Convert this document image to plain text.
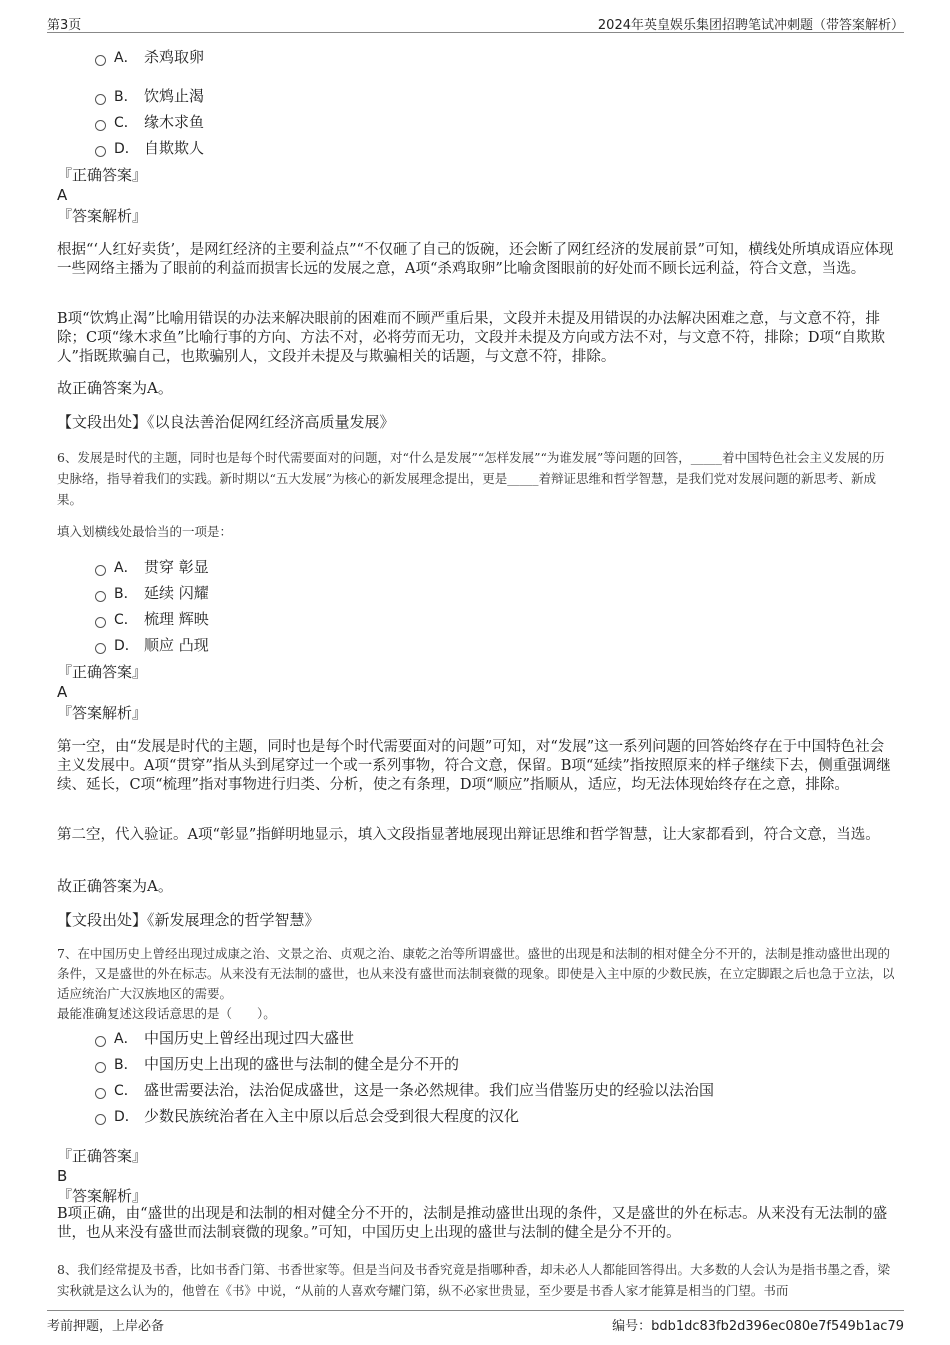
第3页	2024年英皇娱乐集团招聘笔试冲刺题（带答案解析）
A． 杀鸡取卵
B． 饮鸩止渴
C． 缘木求鱼
D． 自欺欺人
『正确答案』
A
『答案解析』
根据“‘人红好卖货’，是网红经济的主要利益点”“不仅砸了自己的饭碗，还会断了网红经济的发展前景”可知，横线处所填成语应体现一些网络主播为了眼前的利益而损害长远的发展之意，A项“杀鸡取卵”比喻贪图眼前的好处而不顾长远利益，符合文意，当选。
B项“饮鸩止渴”比喻用错误的办法来解决眼前的困难而不顾严重后果，文段并未提及用错误的办法解决困难之意，与文意不符，排除；C项“缘木求鱼”比喻行事的方向、方法不对，必将劳而无功，文段并未提及方向或方法不对，与文意不符，排除；D项“自欺欺人”指既欺骗自己，也欺骗别人，文段并未提及与欺骗相关的话题，与文意不符，排除。
故正确答案为A。
【文段出处】《以良法善治促网红经济高质量发展》
6、发展是时代的主题，同时也是每个时代需要面对的问题，对“什么是发展”“怎样发展”“为谁发展”等问题的回答，_____着中国特色社会主义发展的历史脉络，指导着我们的实践。新时期以“五大发展”为核心的新发展理念提出，更是_____着辩证思维和哲学智慧，是我们党对发展问题的新思考、新成果。
填入划横线处最恰当的一项是：
A． 贯穿 彰显
B． 延续 闪耀
C． 梳理 辉映
D． 顺应 凸现
『正确答案』
A
『答案解析』
第一空，由“发展是时代的主题，同时也是每个时代需要面对的问题”可知，对“发展”这一系列问题的回答始终存在于中国特色社会主义发展中。A项“贯穿”指从头到尾穿过一个或一系列事物，符合文意，保留。B项“延续”指按照原来的样子继续下去，侧重强调继续、延长，C项“梳理”指对事物进行归类、分析，使之有条理，D项“顺应”指顺从，适应，均无法体现始终存在之意，排除。
第二空，代入验证。A项“彰显”指鲜明地显示，填入文段指显著地展现出辩证思维和哲学智慧，让大家都看到，符合文意，当选。
故正确答案为A。
【文段出处】《新发展理念的哲学智慧》
7、在中国历史上曾经出现过成康之治、文景之治、贞观之治、康乾之治等所谓盛世。盛世的出现是和法制的相对健全分不开的，法制是推动盛世出现的条件，又是盛世的外在标志。从来没有无法制的盛世，也从来没有盛世而法制衰微的现象。即使是入主中原的少数民族，在立定脚跟之后也急于立法，以适应统治广大汉族地区的需要。
最能准确复述这段话意思的是（　　）。
A． 中国历史上曾经出现过四大盛世
B． 中国历史上出现的盛世与法制的健全是分不开的
C． 盛世需要法治，法治促成盛世，这是一条必然规律。我们应当借鉴历史的经验以法治国
D． 少数民族统治者在入主中原以后总会受到很大程度的汉化
『正确答案』
B
『答案解析』
B项正确，由“盛世的出现是和法制的相对健全分不开的，法制是推动盛世出现的条件，又是盛世的外在标志。从来没有无法制的盛世，也从来没有盛世而法制衰微的现象。”可知，中国历史上出现的盛世与法制的健全是分不开的。
8、我们经常提及书香，比如书香门第、书香世家等。但是当问及书香究竟是指哪种香，却未必人人都能回答得出。大多数的人会认为是指书墨之香，梁实秋就是这么认为的，他曾在《书》中说，“从前的人喜欢夸耀门第，纵不必家世贵显，至少要是书香人家才能算是相当的门望。书而
考前押题，上岸必备	编号：bdb1dc83fb2d396ec080e7f549b1ac79
